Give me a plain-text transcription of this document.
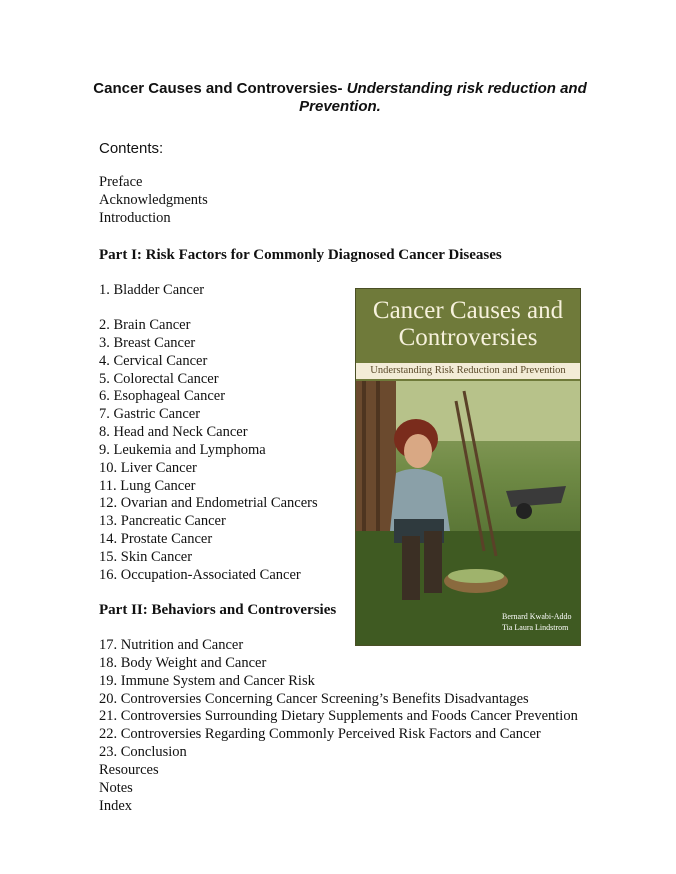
Cancer Causes and Controversies- Understanding risk reduction and Prevention.
Contents:
Preface
Acknowledgments
Introduction
Part I: Risk Factors for Commonly Diagnosed Cancer Diseases
1. Bladder Cancer
2. Brain Cancer
3. Breast Cancer
4. Cervical Cancer
5. Colorectal Cancer
6. Esophageal Cancer
7. Gastric Cancer
8. Head and Neck Cancer
9. Leukemia and Lymphoma
10. Liver Cancer
11. Lung Cancer
12. Ovarian and Endometrial Cancers
13. Pancreatic Cancer
14. Prostate Cancer
15. Skin Cancer
16. Occupation-Associated Cancer
Part II: Behaviors and Controversies
17. Nutrition and Cancer
18. Body Weight and Cancer
19. Immune System and Cancer Risk
20. Controversies Concerning Cancer Screening’s Benefits Disadvantages
21. Controversies Surrounding Dietary Supplements and Foods Cancer Prevention
22. Controversies Regarding Commonly Perceived Risk Factors and Cancer
23. Conclusion
Resources
Notes
Index
Cancer Causes and
Controversies
Understanding Risk Reduction and Prevention
Bernard Kwabi-Addo
Tia Laura Lindstrom
